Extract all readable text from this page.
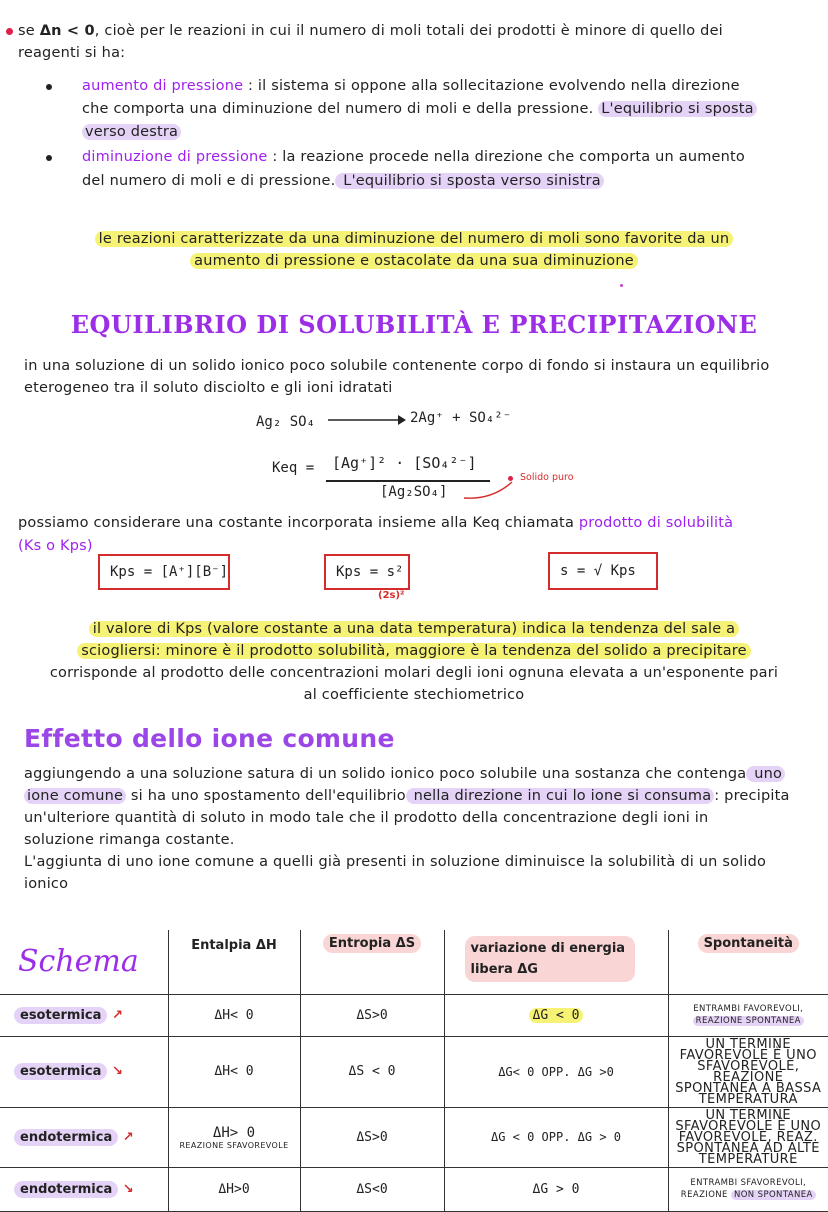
se Δn < 0, cioè per le reazioni in cui il numero di moli totali dei prodotti è minore di quello dei
reagenti si ha:
aumento di pressione : il sistema si oppone alla sollecitazione evolvendo nella direzione
che comporta una diminuzione del numero di moli e della pressione. L'equilibrio si sposta
verso destra
diminuzione di pressione : la reazione procede nella direzione che comporta un aumento
del numero di moli e di pressione. L'equilibrio si sposta verso sinistra
le reazioni caratterizzate da una diminuzione del numero di moli sono favorite da un
aumento di pressione e ostacolate da una sua diminuzione
EQUILIBRIO DI SOLUBILITÀ E PRECIPITAZIONE
in una soluzione di un solido ionico poco solubile contenente corpo di fondo si instaura un equilibrio
eterogeneo tra il soluto disciolto e gli ioni idratati
Ag₂ SO₄	2Ag⁺ + SO₄²⁻
Keq = [Ag⁺]² · [SO₄²⁻]
[Ag₂SO₄]
Solido puro
possiamo considerare una costante incorporata insieme alla Keq chiamata prodotto di solubilità
(Ks o Kps)
Kps = [A⁺][B⁻]	Kps = s²
(2s)²
s = √ Kps
il valore di Kps (valore costante a una data temperatura) indica la tendenza del sale a
sciogliersi: minore è il prodotto solubilità, maggiore è la tendenza del solido a precipitare
corrisponde al prodotto delle concentrazioni molari degli ioni ognuna elevata a un'esponente pari
al coefficiente stechiometrico
Effetto dello ione comune
aggiungendo a una soluzione satura di un solido ionico poco solubile una sostanza che contenga uno
ione comune si ha uno spostamento dell'equilibrio nella direzione in cui lo ione si consuma : precipita
un'ulteriore quantità di soluto in modo tale che il prodotto della concentrazione degli ioni in
soluzione rimanga costante.
L'aggiunta di uno ione comune a quelli già presenti in soluzione diminuisce la solubilità di un solido
ionico
Schema	Entalpia ΔH	Entropia ΔS	variazione di energia libera ΔG	Spontaneità
esotermica ↗	ΔH< 0	ΔS>0	ΔG < 0	ENTRAMBI FAVOREVOLI,
REAZIONE SPONTANEA

esotermica ↘	ΔH< 0	ΔS < 0	ΔG< 0 OPP. ΔG >0	UN TERMINE FAVOREVOLE È UNO SFAVOREVOLE, REAZIONE SPONTANEA A BASSA TEMPERATURA
endotermica ↗	ΔH> 0
REAZIONE SFAVOREVOLE	ΔS>0	ΔG < 0 OPP. ΔG > 0	UN TERMINE SFAVOREVOLE È UNO FAVOREVOLE, REAZ. SPONTANEA AD ALTE TEMPERATURE
endotermica ↘	ΔH>0	ΔS<0	ΔG > 0	ENTRAMBI SFAVOREVOLI,
REAZIONE NON SPONTANEA
